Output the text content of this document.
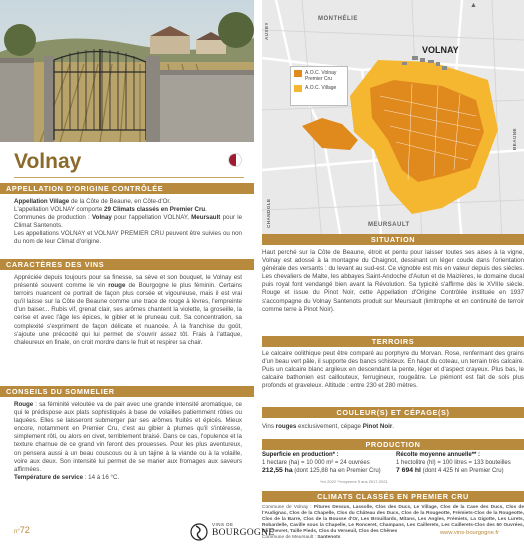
Volnay
APPELLATION D'ORIGINE CONTRÔLÉE
Appellation Village de la Côte de Beaune, en Côte-d'Or.
L'appellation VOLNAY comporte 29 Climats classés en Premier Cru.
Communes de production : Volnay pour l'appellation VOLNAY, Meursault pour le Climat Santenots.
Les appellations VOLNAY et VOLNAY PREMIER CRU peuvent être suivies ou non du nom de leur Climat d'origine.
CARACTÈRES DES VINS
Appréciée depuis toujours pour sa finesse, sa sève et son bouquet, le Volnay est présenté souvent comme le vin rouge de Bourgogne le plus féminin. Certains terroirs nuancent ce portrait de façon plus corsée et vigoureuse, mais il est vrai qu'il laisse sur la Côte de Beaune comme une trace de rouge à lèvres, l'empreinte d'un baiser... Rubis vif, grenat clair, ses arômes chantent la violette, la groseille, la cerise et avec l'âge les épices, le gibier et le pruneau cuit. Sa concentration, sa complexité s'expriment de façon délicate et nuancée. À la franchise du goût, s'ajoute une précocité qui lui permet de s'ouvrir assez tôt. Frais à l'attaque, chaleureux en finale, on croit mordre dans le fruit et respirer sa chair.
CONSEILS DU SOMMELIER
Rouge : sa féminité veloutée va de pair avec une grande intensité aromatique, ce qui le prédispose aux plats sophistiqués à base de volailles patiemment rôties ou laquées. Elles se laisseront submerger par ses arômes fruités et épicés. Mieux encore, notamment en Premier Cru, c'est au gibier à plumes qu'il s'intéresse, simplement rôti, ou alors en civet, terriblement braisé. Dans ce cas, l'opulence et la texture charnue de ce grand vin feront des prouesses. Pour les plus aventureux, on pensera aussi à un beau couscous ou à un tajine à la viande ou à la volaille, voire aux deux. Son intensité lui permet de se marier aux fromages aux saveurs affirmées.
Température de service : 14 à 16 °C.
MONTHÉLIE
VOLNAY
MEURSAULT
AUXEY
CHANDOLE
BEAUNE
▲
A.O.C. Volnay Premier Cru
A.O.C. Village
SITUATION
Haut perché sur la Côte de Beaune, étroit et pentu pour laisser toutes ses aises à la vigne, Volnay est adossé à la montagne du Chaignot, dessinant un léger coude dans l'orientation générale des versants : du levant au sud-est. Ce vignoble est mis en valeur depuis des siècles. Les chevaliers de Malte, les abbayes Saint-Andoche d'Autun et de Maizières, le domaine ducal puis royal font vendangé bien avant la Révolution. Sa typicité s'affirme dès le XVIIIe siècle. Rouge et issue du Pinot Noir, cette Appellation d'Origine Contrôlée instituée en 1937 s'accompagne du Volnay Santenots produit sur Meursault (limitrophe et en continuité de terroir comme terre à Pinot Noir).
TERROIRS
Le calcaire oolithique peut être comparé au porphyre du Morvan. Rose, renfermant des grains d'un beau vert pâle, il supporte des bancs schisteux. En haut du coteau, un terrain très calcaire. Puis un calcaire blanc argileux en descendant la pente, léger et d'aspect crayeux. Plus bas, le calcaire bathonien est caillouteux, ferrugineux, rougeâtre. Le piémont est fait de sols plus profonds et graveleux. Altitude : entre 230 et 280 mètres.
COULEUR(S) ET CÉPAGE(S)
Vins rouges exclusivement, cépage Pinot Noir.
PRODUCTION
Superficie en production* :
1 hectare (ha) = 10 000 m² = 24 ouvrées
212,55 ha (dont 125,88 ha en Premier Cru)
Récolte moyenne annuelle** :
1 hectolitre (hl) = 100 litres = 133 bouteilles
7 694 hl (dont 4 425 hl en Premier Cru)
*en 2022 **moyenne 5 ans 2017-2021
CLIMATS CLASSÉS EN PREMIER CRU
Commune de Volnay : Pitures Dessus, Lassolle, Clos des Ducs, Le Village, Clos de la Cave des Ducs, Clos de l'Audignac, Clos de la Chapelle, Clos du Château des Ducs, Clos de la Rougeotte, Frémiets-Clos de la Rougeotte, Clos de la Barre, Clos de la Bousse d'Or, Les Brouillards, Mitans, Les Angles, Frémiets, La Gigotte, Les Lurets, Robardelle, Caville sous la Chapelle, Le Ronceret, Champans, Les Caillerets, Les Caillerets-Clos des 60 Ouvrées, En Chevret, Taille Pieds, Clos du Verseuil, Clos des Chênes
Commune de Meursault : Santenots
n°72
VINS DE
BOURGOGNE	www.vins-bourgogne.fr
